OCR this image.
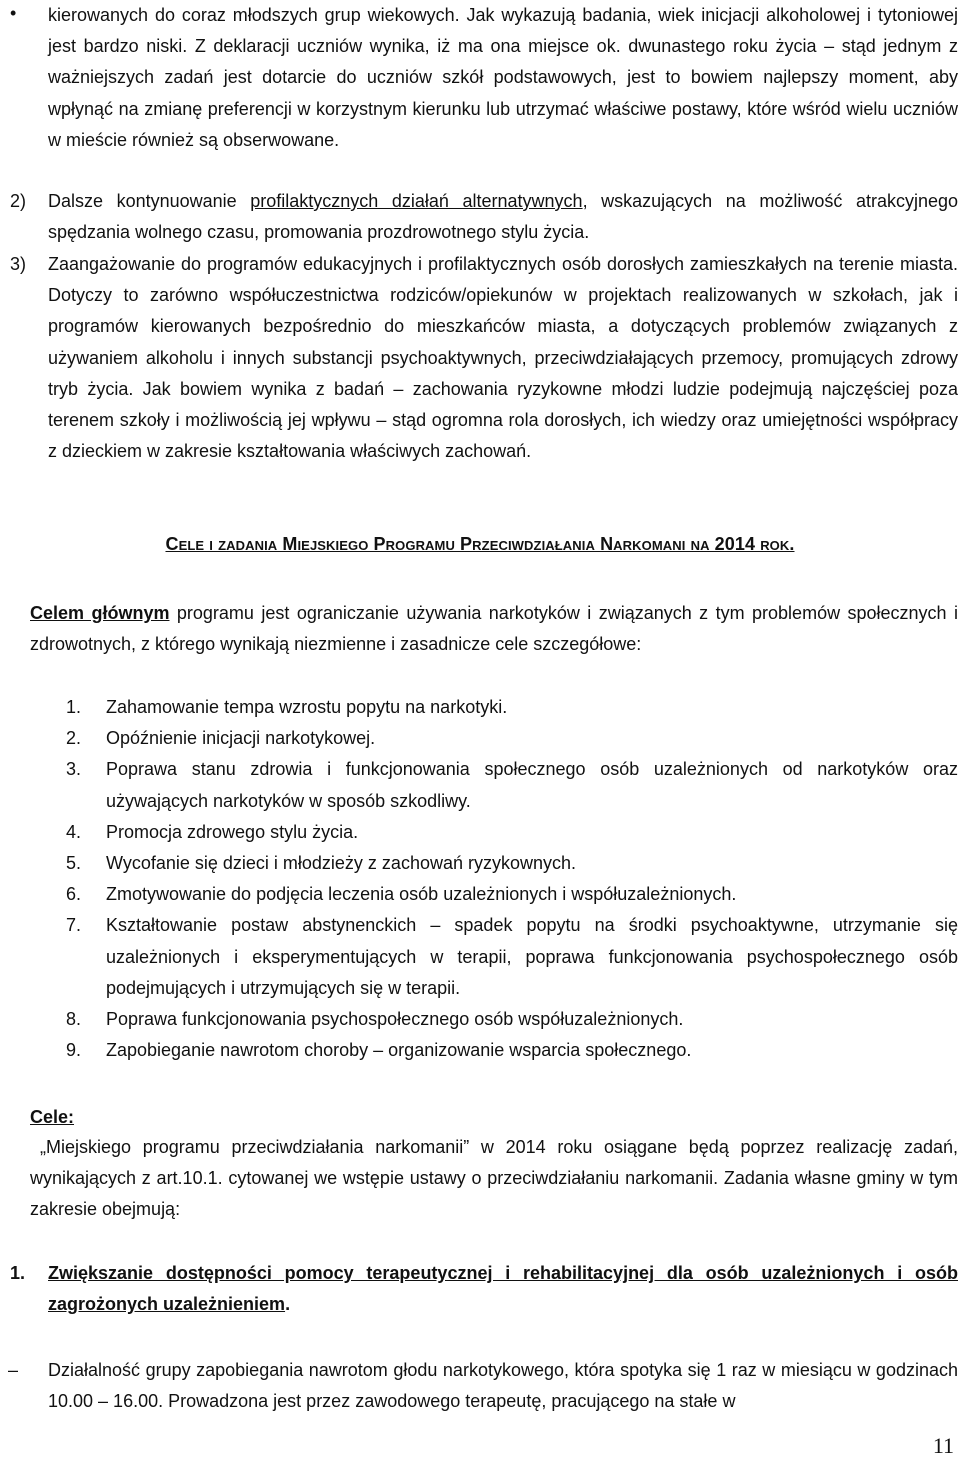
• kierowanych do coraz młodszych grup wiekowych. Jak wykazują badania, wiek inicjacji alkoholowej i tytoniowej jest bardzo niski. Z deklaracji uczniów wynika, iż ma ona miejsce ok. dwunastego roku życia – stąd jednym z ważniejszych zadań jest dotarcie do uczniów szkół podstawowych, jest to bowiem najlepszy moment, aby wpłynąć na zmianę preferencji w korzystnym kierunku lub utrzymać właściwe postawy, które wśród wielu uczniów w mieście również są obserwowane.
2) Dalsze kontynuowanie profilaktycznych działań alternatywnych, wskazujących na możliwość atrakcyjnego spędzania wolnego czasu, promowania prozdrowotnego stylu życia.
3) Zaangażowanie do programów edukacyjnych i profilaktycznych osób dorosłych zamieszkałych na terenie miasta. Dotyczy to zarówno współuczestnictwa rodziców/opiekunów w projektach realizowanych w szkołach, jak i programów kierowanych bezpośrednio do mieszkańców miasta, a dotyczących problemów związanych z używaniem alkoholu i innych substancji psychoaktywnych, przeciwdziałających przemocy, promujących zdrowy tryb życia. Jak bowiem wynika z badań – zachowania ryzykowne młodzi ludzie podejmują najczęściej poza terenem szkoły i możliwością jej wpływu – stąd ogromna rola dorosłych, ich wiedzy oraz umiejętności współpracy z dzieckiem w zakresie kształtowania właściwych zachowań.
Cele i zadania Miejskiego Programu Przeciwdziałania Narkomani na 2014 rok.
Celem głównym programu jest ograniczanie używania narkotyków i związanych z tym problemów społecznych i zdrowotnych, z którego wynikają niezmienne i zasadnicze cele szczegółowe:
1. Zahamowanie tempa wzrostu popytu na narkotyki.
2. Opóźnienie inicjacji narkotykowej.
3. Poprawa stanu zdrowia i funkcjonowania społecznego osób uzależnionych od narkotyków oraz używających narkotyków w sposób szkodliwy.
4. Promocja zdrowego stylu życia.
5. Wycofanie się dzieci i młodzieży z zachowań ryzykownych.
6. Zmotywowanie do podjęcia leczenia osób uzależnionych i współuzależnionych.
7. Kształtowanie postaw abstynenckich – spadek popytu na środki psychoaktywne, utrzymanie się uzależnionych i eksperymentujących w terapii, poprawa funkcjonowania psychospołecznego osób podejmujących i utrzymujących się w terapii.
8. Poprawa funkcjonowania psychospołecznego osób współuzależnionych.
9. Zapobieganie nawrotom choroby – organizowanie wsparcia społecznego.
Cele:
„Miejskiego programu przeciwdziałania narkomanii” w 2014 roku osiągane będą poprzez realizację zadań, wynikających z art.10.1. cytowanej we wstępie ustawy o przeciwdziałaniu narkomanii. Zadania własne gminy w tym zakresie obejmują:
1. Zwiększanie dostępności pomocy terapeutycznej i rehabilitacyjnej dla osób uzależnionych i osób zagrożonych uzależnieniem.
– Działalność grupy zapobiegania nawrotom głodu narkotykowego, która spotyka się 1 raz w miesiącu w godzinach 10.00 – 16.00. Prowadzona jest przez zawodowego terapeutę, pracującego na stałe w
11
